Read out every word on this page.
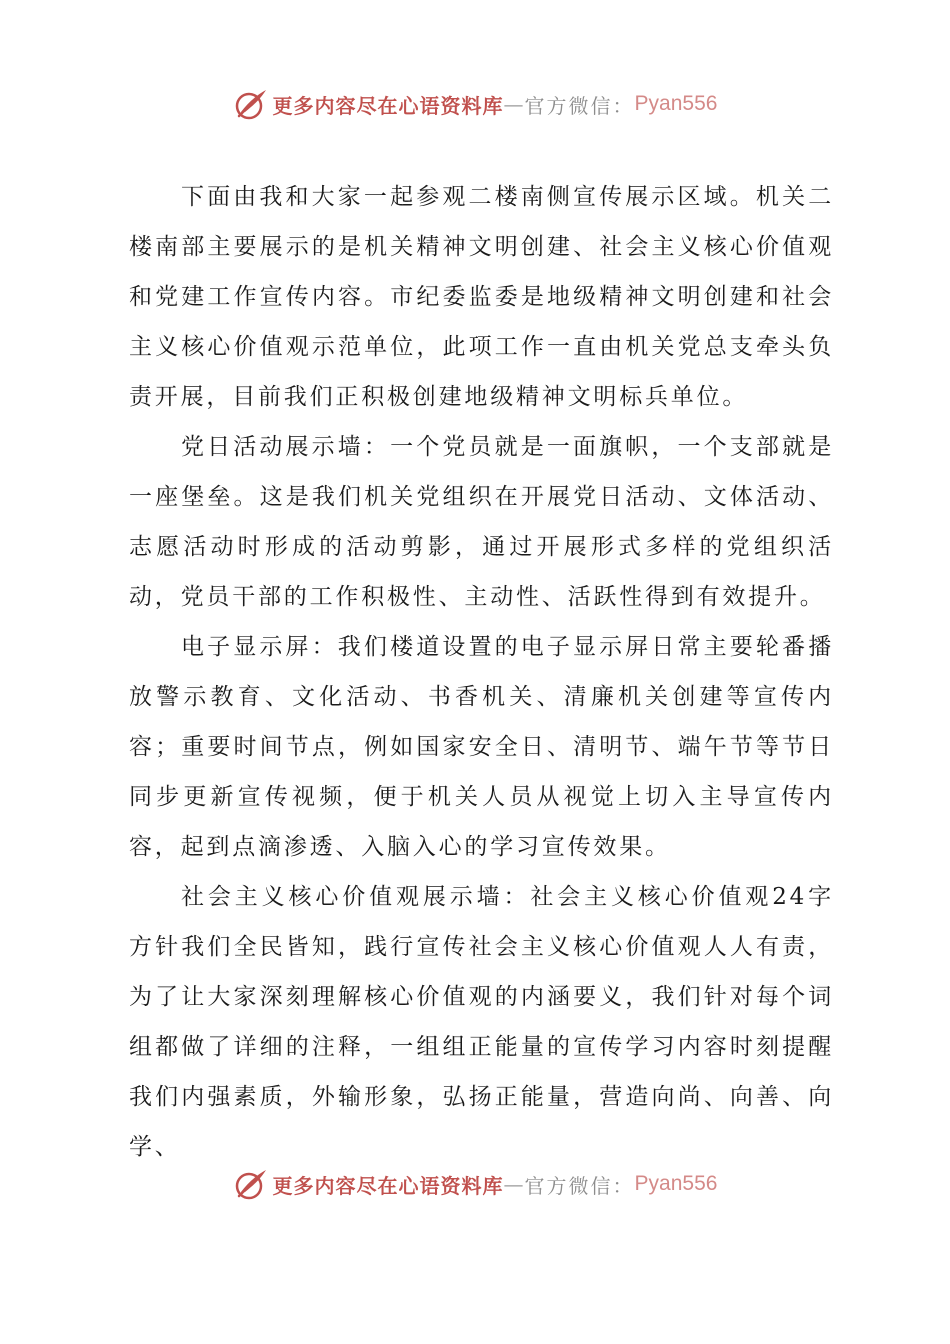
更多内容尽在心语资料库 — 官方微信： Pyan556

下面由我和大家一起参观二楼南侧宣传展示区域。机关二楼南部主要展示的是机关精神文明创建、社会主义核心价值观和党建工作宣传内容。市纪委监委是地级精神文明创建和社会主义核心价值观示范单位，此项工作一直由机关党总支牵头负责开展，目前我们正积极创建地级精神文明标兵单位。

党日活动展示墙：一个党员就是一面旗帜，一个支部就是一座堡垒。这是我们机关党组织在开展党日活动、文体活动、志愿活动时形成的活动剪影，通过开展形式多样的党组织活动，党员干部的工作积极性、主动性、活跃性得到有效提升。

电子显示屏：我们楼道设置的电子显示屏日常主要轮番播放警示教育、文化活动、书香机关、清廉机关创建等宣传内容；重要时间节点，例如国家安全日、清明节、端午节等节日同步更新宣传视频，便于机关人员从视觉上切入主导宣传内容，起到点滴渗透、入脑入心的学习宣传效果。

社会主义核心价值观展示墙：社会主义核心价值观24字方针我们全民皆知，践行宣传社会主义核心价值观人人有责，为了让大家深刻理解核心价值观的内涵要义，我们针对每个词组都做了详细的注释，一组组正能量的宣传学习内容时刻提醒我们内强素质，外输形象，弘扬正能量，营造向尚、向善、向学、

更多内容尽在心语资料库 — 官方微信： Pyan556
